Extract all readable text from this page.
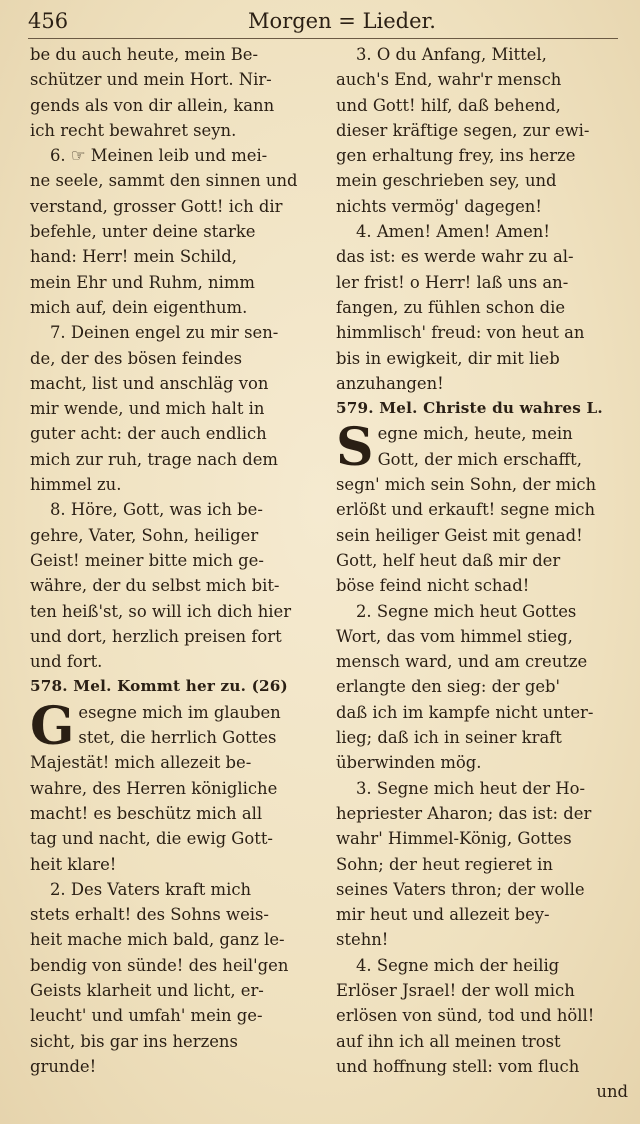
456	Morgen = Lieder.

be du auch heute, mein Be-
schützer und mein Hort. Nir-
gends als von dir allein, kann
ich recht bewahret seyn.

6. ☞ Meinen leib und mei-
ne seele, sammt den sinnen und
verstand, grosser Gott! ich dir
befehle, unter deine starke
hand: Herr! mein Schild,
mein Ehr und Ruhm, nimm
mich auf, dein eigenthum.

7. Deinen engel zu mir sen-
de, der des bösen feindes
macht, list und anschläg von
mir wende, und mich halt in
guter acht: der auch endlich
mich zur ruh, trage nach dem
himmel zu.

8. Höre, Gott, was ich be-
gehre, Vater, Sohn, heiliger
Geist! meiner bitte mich ge-
währe, der du selbst mich bit-
ten heiß'st, so will ich dich hier
und dort, herzlich preisen fort
und fort.

578. Mel. Kommt her zu. (26)

G esegne mich im glauben
stet, die herrlich Gottes
Majestät! mich allezeit be-
wahre, des Herren königliche
macht! es beschütz mich all
tag und nacht, die ewig Gott-
heit klare!

2. Des Vaters kraft mich
stets erhalt! des Sohns weis-
heit mache mich bald, ganz le-
bendig von sünde! des heil'gen
Geists klarheit und licht, er-
leucht' und umfah' mein ge-
sicht, bis gar ins herzens
grunde!

3. O du Anfang, Mittel,
auch's End, wahr'r mensch
und Gott! hilf, daß behend,
dieser kräftige segen, zur ewi-
gen erhaltung frey, ins herze
mein geschrieben sey, und
nichts vermög' dagegen!

4. Amen! Amen! Amen!
das ist: es werde wahr zu al-
ler frist! o Herr! laß uns an-
fangen, zu fühlen schon die
himmlisch' freud: von heut an
bis in ewigkeit, dir mit lieb
anzuhangen!

579. Mel. Christe du wahres L.

S egne mich, heute, mein
Gott, der mich erschafft,
segn' mich sein Sohn, der mich
erlößt und erkauft! segne mich
sein heiliger Geist mit genad!
Gott, helf heut daß mir der
böse feind nicht schad!

2. Segne mich heut Gottes
Wort, das vom himmel stieg,
mensch ward, und am creutze
erlangte den sieg: der geb'
daß ich im kampfe nicht unter-
lieg; daß ich in seiner kraft
überwinden mög.

3. Segne mich heut der Ho-
hepriester Aharon; das ist: der
wahr' Himmel-König, Gottes
Sohn; der heut regieret in
seines Vaters thron; der wolle
mir heut und allezeit bey-
stehn!

4. Segne mich der heilig
Erlöser Jsrael! der woll mich
erlösen von sünd, tod und höll!
auf ihn ich all meinen trost
und hoffnung stell: vom fluch

und
